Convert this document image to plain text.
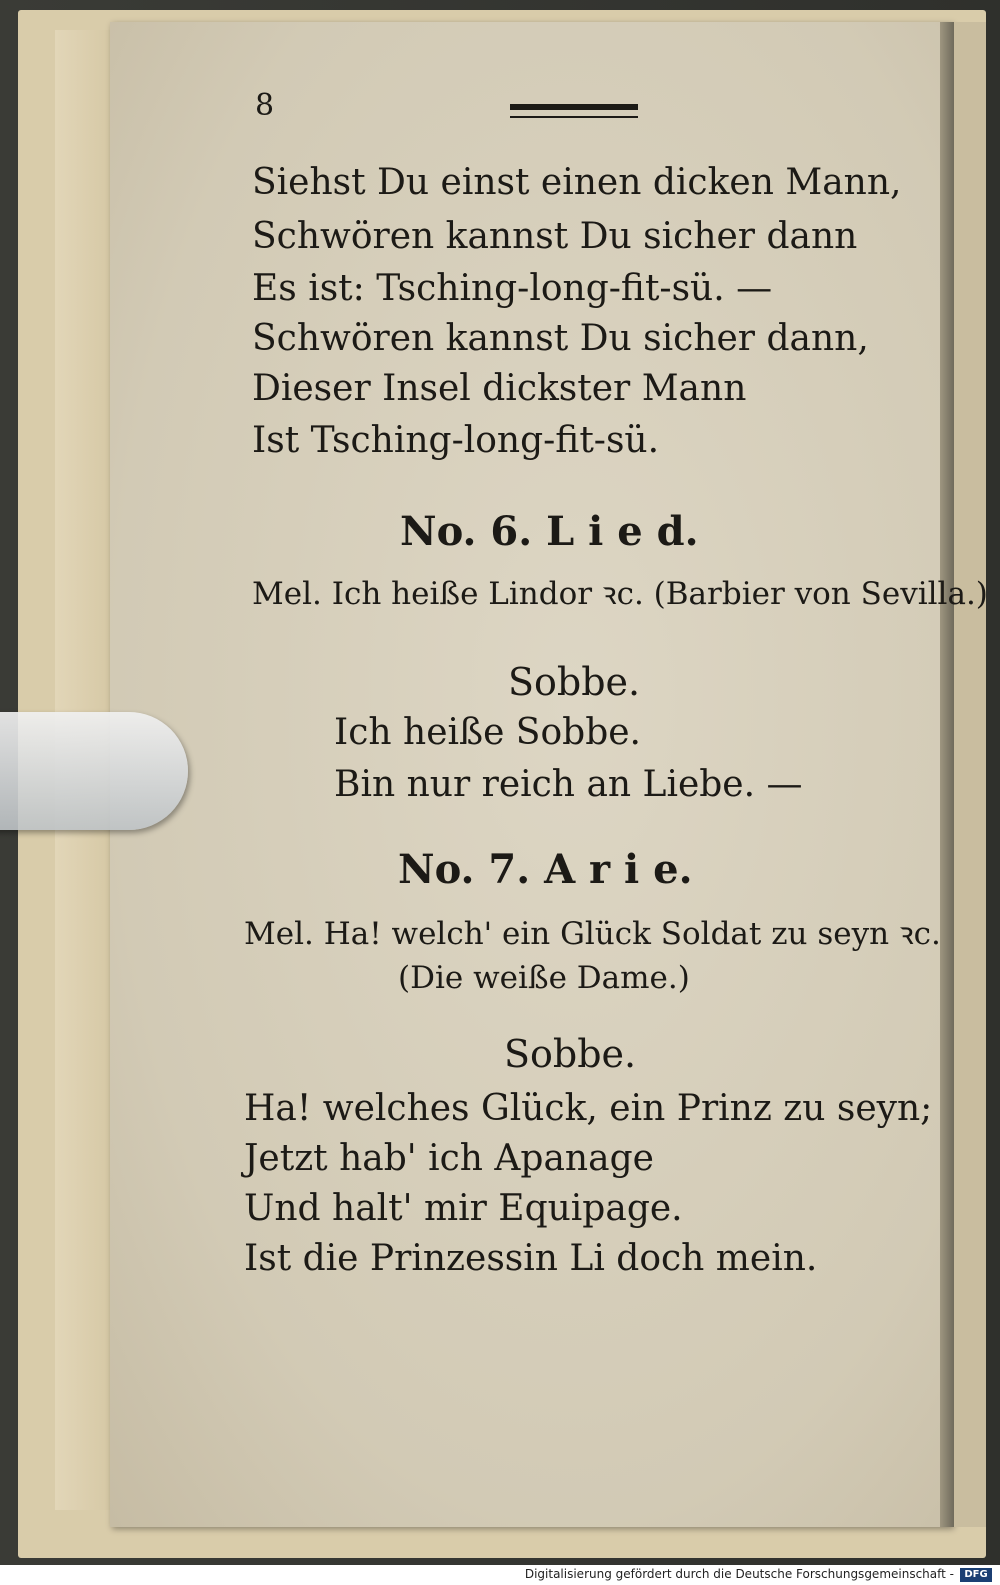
8
Siehst Du einst einen dicken Mann,
Schwören kannst Du sicher dann
Es ist: Tsching-long-fit-sü. —
Schwören kannst Du sicher dann,
Dieser Insel dickster Mann
Ist Tsching-long-fit-sü.
No. 6. L i e d.
Mel. Ich heiße Lindor ꝛc. (Barbier von Sevilla.)
Sobbe.
Ich heiße Sobbe.
Bin nur reich an Liebe. —
No. 7. A r i e.
Mel. Ha! welch' ein Glück Soldat zu seyn ꝛc.
(Die weiße Dame.)
Sobbe.
Ha! welches Glück, ein Prinz zu seyn;
Jetzt hab' ich Apanage
Und halt' mir Equipage.
Ist die Prinzessin Li doch mein.
Digitalisierung gefördert durch die Deutsche Forschungsgemeinschaft -	DFG
